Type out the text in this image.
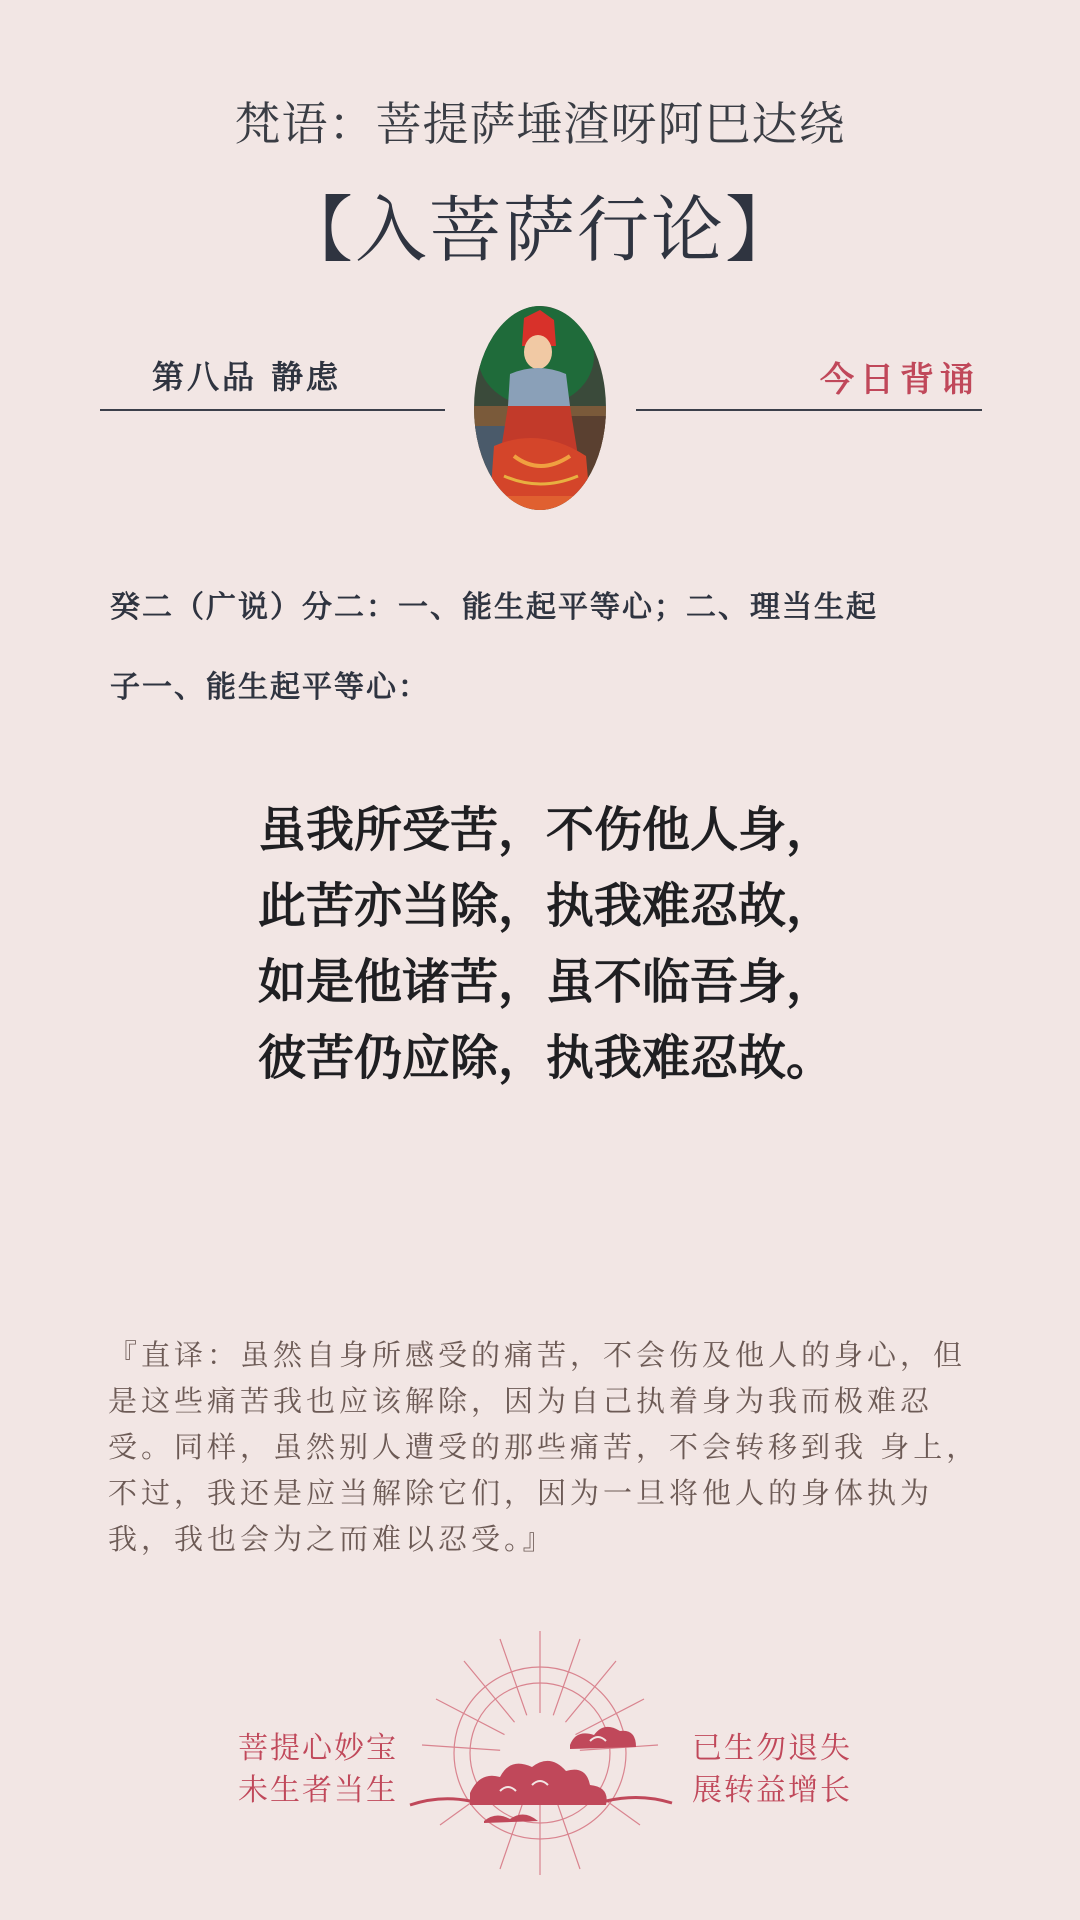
梵语：菩提萨埵渣呀阿巴达绕
【入菩萨行论】
第八品 静虑	今日背诵
癸二（广说）分二：一、能生起平等心；二、理当生起
子一、能生起平等心：
虽我所受苦，不伤他人身，
此苦亦当除，执我难忍故，
如是他诸苦，虽不临吾身，
彼苦仍应除，执我难忍故。
『直译：虽然自身所感受的痛苦，不会伤及他人的身心，但是这些痛苦我也应该解除，因为自己执着身为我而极难忍受。同样，虽然别人遭受的那些痛苦，不会转移到我 身上，不过，我还是应当解除它们，因为一旦将他人的身体执为我，我也会为之而难以忍受。』
菩提心妙宝
未生者当生
已生勿退失
展转益增长
